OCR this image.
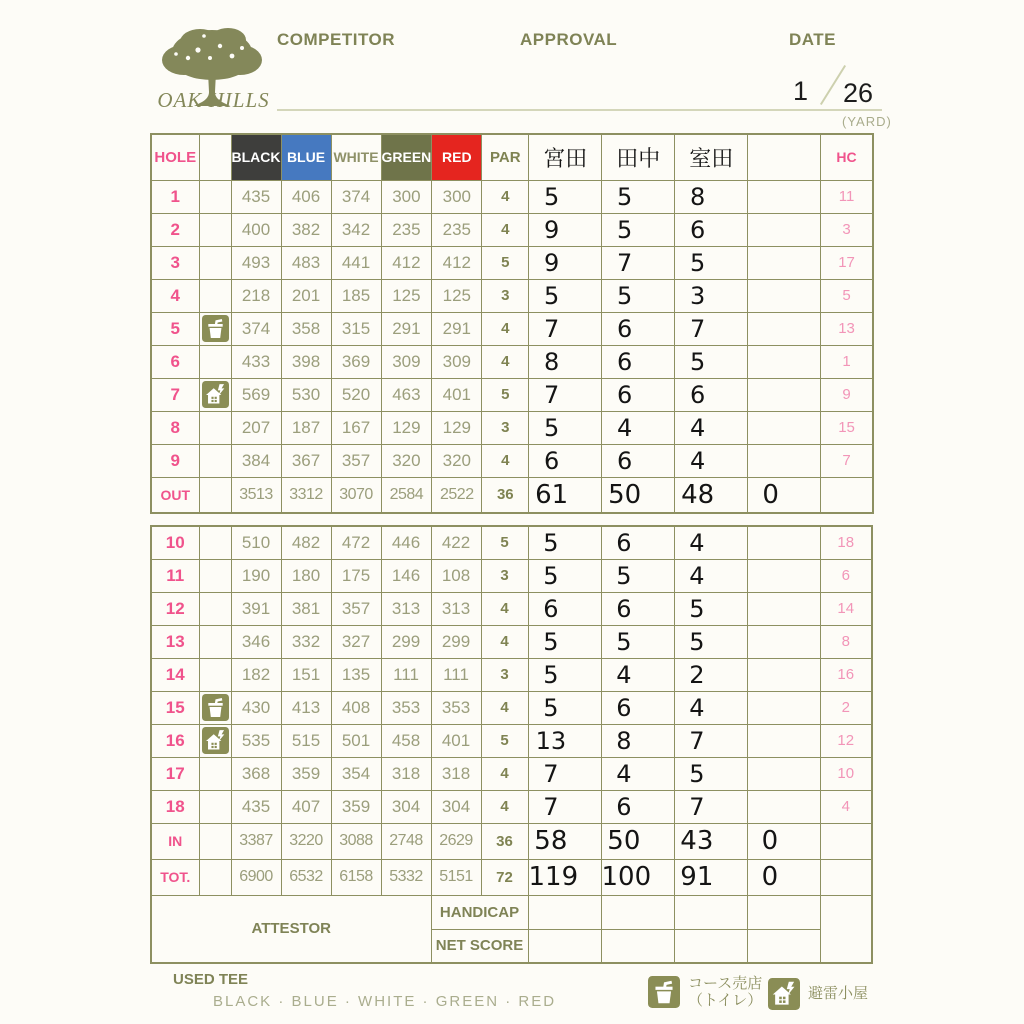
OAK HILLS
COMPETITOR	APPROVAL	DATE
1 26
(YARD)
HOLE		BLACK	BLUE	WHITE	GREEN	RED	PAR	宮田	田中	室田		HC
1		435	406	374	300	300	4	5	5	8		11
2		400	382	342	235	235	4	9	5	6		3
3		493	483	441	412	412	5	9	7	5		17
4		218	201	185	125	125	3	5	5	3		5
5		374	358	315	291	291	4	7	6	7		13
6		433	398	369	309	309	4	8	6	5		1
7		569	530	520	463	401	5	7	6	6		9
8		207	187	167	129	129	3	5	4	4		15
9		384	367	357	320	320	4	6	6	4		7
OUT		3513	3312	3070	2584	2522	36	61	50	48	0	

10		510	482	472	446	422	5	5	6	4		18
11		190	180	175	146	108	3	5	5	4		6
12		391	381	357	313	313	4	6	6	5		14
13		346	332	327	299	299	4	5	5	5		8
14		182	151	135	111	111	3	5	4	2		16
15		430	413	408	353	353	4	5	6	4		2
16		535	515	501	458	401	5	13	8	7		12
17		368	359	354	318	318	4	7	4	5		10
18		435	407	359	304	304	4	7	6	7		4
IN		3387	3220	3088	2748	2629	36	58	50	43	0	

TOT.		6900	6532	6158	5332	5151	72	119	100	91	0	

ATTESTOR						HANDICAP						
						NET SCORE						
USED TEE
BLACK · BLUE · WHITE · GREEN · RED
コース売店
（トイレ）	避雷小屋
